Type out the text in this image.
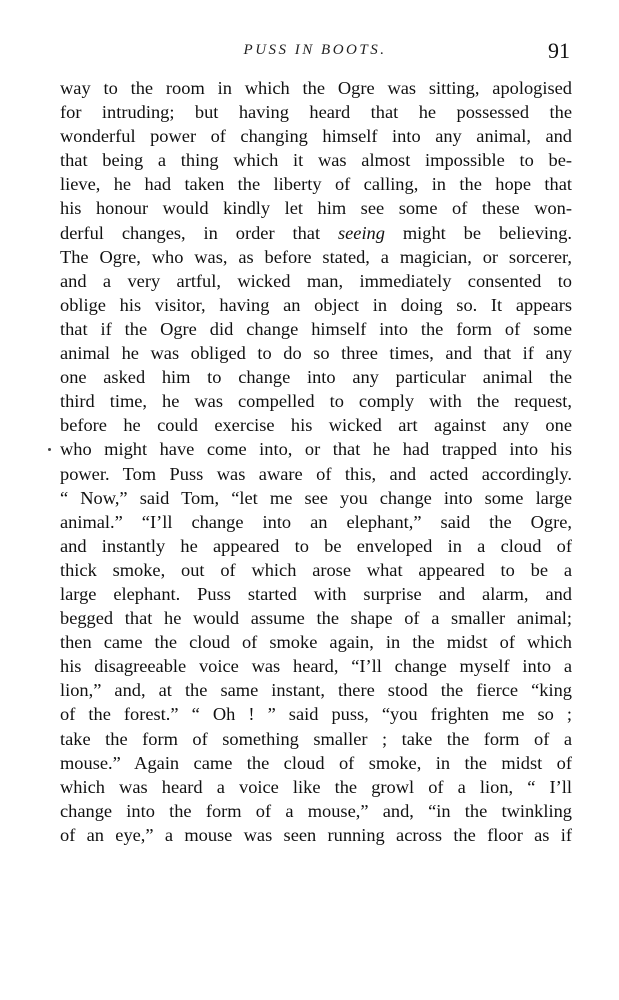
PUSS IN BOOTS.	91
way to the room in which the Ogre was sitting, apologised
for intruding; but having heard that he possessed the
wonderful power of changing himself into any animal, and
that being a thing which it was almost impossible to be-
lieve, he had taken the liberty of calling, in the hope that
his honour would kindly let him see some of these won-
derful changes, in order that seeing might be believing.
The Ogre, who was, as before stated, a magician, or sorcerer,
and a very artful, wicked man, immediately consented to
oblige his visitor, having an object in doing so. It appears
that if the Ogre did change himself into the form of some
animal he was obliged to do so three times, and that if any
one asked him to change into any particular animal the
third time, he was compelled to comply with the request,
before he could exercise his wicked art against any one
who might have come into, or that he had trapped into his
power. Tom Puss was aware of this, and acted accordingly.
“ Now,” said Tom, “let me see you change into some large
animal.” “I’ll change into an elephant,” said the Ogre,
and instantly he appeared to be enveloped in a cloud of
thick smoke, out of which arose what appeared to be a
large elephant. Puss started with surprise and alarm, and
begged that he would assume the shape of a smaller animal;
then came the cloud of smoke again, in the midst of which
his disagreeable voice was heard, “I’ll change myself into a
lion,” and, at the same instant, there stood the fierce “king
of the forest.” “ Oh ! ” said puss, “you frighten me so ;
take the form of something smaller ; take the form of a
mouse.” Again came the cloud of smoke, in the midst of
which was heard a voice like the growl of a lion, “ I’ll
change into the form of a mouse,” and, “in the twinkling
of an eye,” a mouse was seen running across the floor as if
